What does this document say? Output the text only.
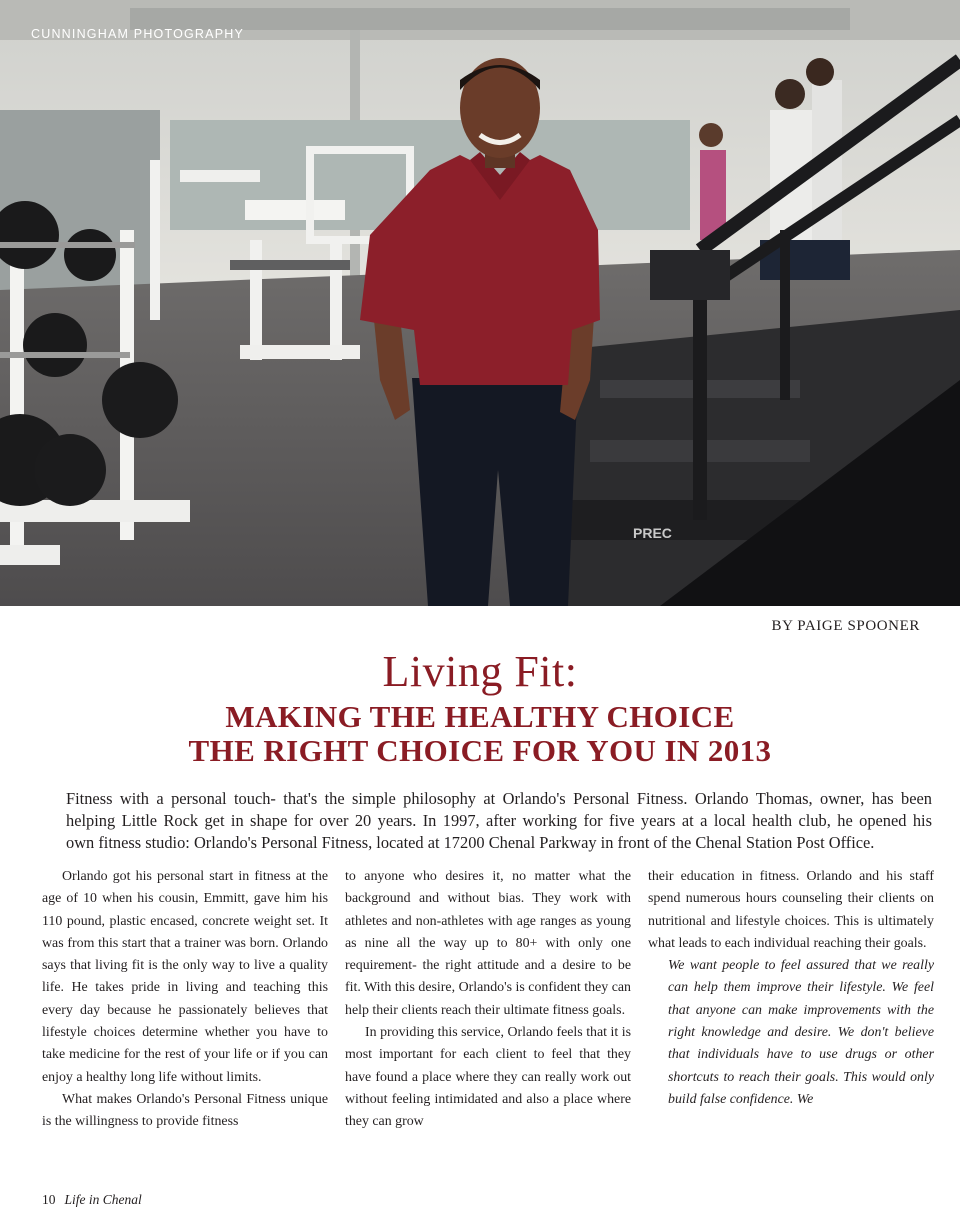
PREC
CUNNINGHAM PHOTOGRAPHY
BY PAIGE SPOONER
Living Fit:
MAKING THE HEALTHY CHOICE
THE RIGHT CHOICE FOR YOU IN 2013
Fitness with a personal touch- that's the simple philosophy at Orlando's Personal Fitness. Orlando Thomas, owner, has been
helping Little Rock get in shape for over 20 years. In 1997, after working for five years at a local health club, he opened his
own fitness studio: Orlando's Personal Fitness, located at 17200 Chenal Parkway in front of the Chenal Station Post Office.

Orlando got his personal start in fitness at the age of 10 when his cousin, Emmitt, gave him his 110 pound, plastic encased, concrete weight set. It was from this start that a trainer was born. Orlando says that living fit is the only way to live a quality life. He takes pride in living and teaching this every day because he passionately believes that lifestyle choices determine whether you have to take medicine for the rest of your life or if you can enjoy a healthy long life without limits.

What makes Orlando's Personal Fitness unique is the willingness to provide fitness

to anyone who desires it, no matter what the background and without bias. They work with athletes and non-athletes with age ranges as young as nine all the way up to 80+ with only one requirement- the right attitude and a desire to be fit. With this desire, Orlando's is confident they can help their clients reach their ultimate fitness goals.

In providing this service, Orlando feels that it is most important for each client to feel that they have found a place where they can really work out without feeling intimidated and also a place where they can grow

their education in fitness. Orlando and his staff spend numerous hours counseling their clients on nutritional and lifestyle choices. This is ultimately what leads to each individual reaching their goals.

We want people to feel assured that we really can help them improve their lifestyle. We feel that anyone can make improvements with the right knowledge and desire. We don't believe that individuals have to use drugs or other shortcuts to reach their goals. This would only build false confidence. We

10 Life in Chenal
